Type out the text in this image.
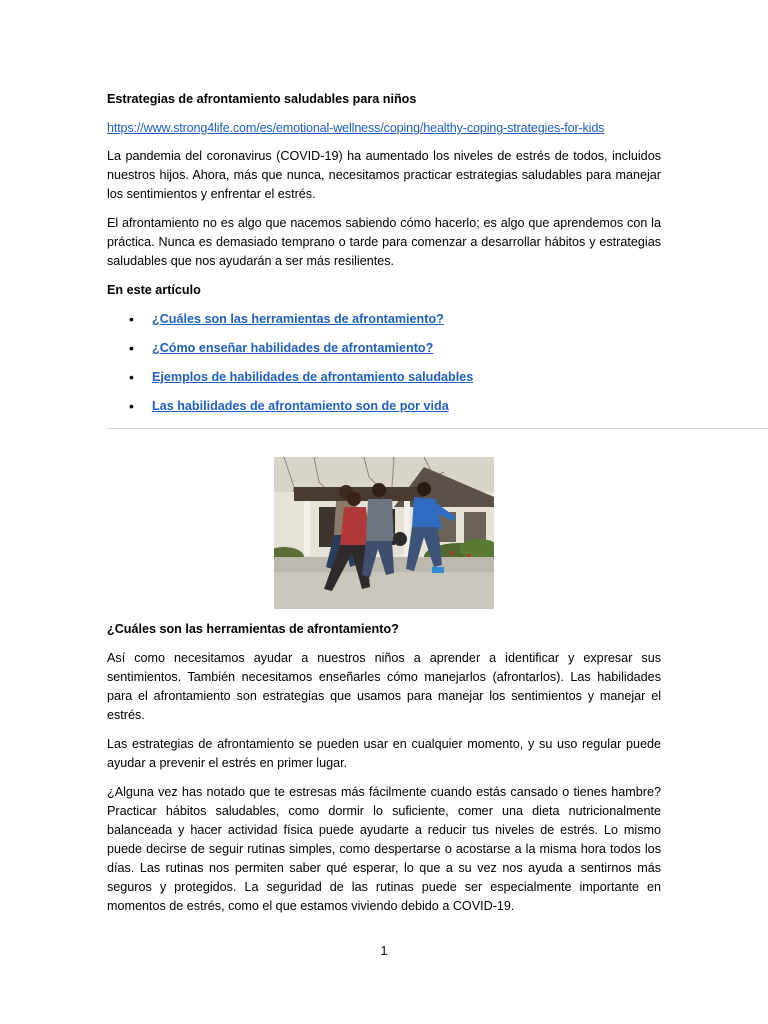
Estrategias de afrontamiento saludables para niños
https://www.strong4life.com/es/emotional-wellness/coping/healthy-coping-strategies-for-kids

La pandemia del coronavirus (COVID-19) ha aumentado los niveles de estrés de todos, incluidos nuestros hijos. Ahora, más que nunca, necesitamos practicar estrategias saludables para manejar los sentimientos y enfrentar el estrés.

El afrontamiento no es algo que nacemos sabiendo cómo hacerlo; es algo que aprendemos con la práctica. Nunca es demasiado temprano o tarde para comenzar a desarrollar hábitos y estrategias saludables que nos ayudarán a ser más resilientes.

En este artículo
• ¿Cuáles son las herramientas de afrontamiento?
• ¿Cómo enseñar habilidades de afrontamiento?
• Ejemplos de habilidades de afrontamiento saludables
• Las habilidades de afrontamiento son de por vida
¿Cuáles son las herramientas de afrontamiento?

Así como necesitamos ayudar a nuestros niños a aprender a identificar y expresar sus sentimientos. También necesitamos enseñarles cómo manejarlos (afrontarlos). Las habilidades para el afrontamiento son estrategias que usamos para manejar los sentimientos y manejar el estrés.

Las estrategias de afrontamiento se pueden usar en cualquier momento, y su uso regular puede ayudar a prevenir el estrés en primer lugar.

¿Alguna vez has notado que te estresas más fácilmente cuando estás cansado o tienes hambre? Practicar hábitos saludables, como dormir lo suficiente, comer una dieta nutricionalmente balanceada y hacer actividad física puede ayudarte a reducir tus niveles de estrés. Lo mismo puede decirse de seguir rutinas simples, como despertarse o acostarse a la misma hora todos los días. Las rutinas nos permiten saber qué esperar, lo que a su vez nos ayuda a sentirnos más seguros y protegidos. La seguridad de las rutinas puede ser especialmente importante en momentos de estrés, como el que estamos viviendo debido a COVID-19.

1
